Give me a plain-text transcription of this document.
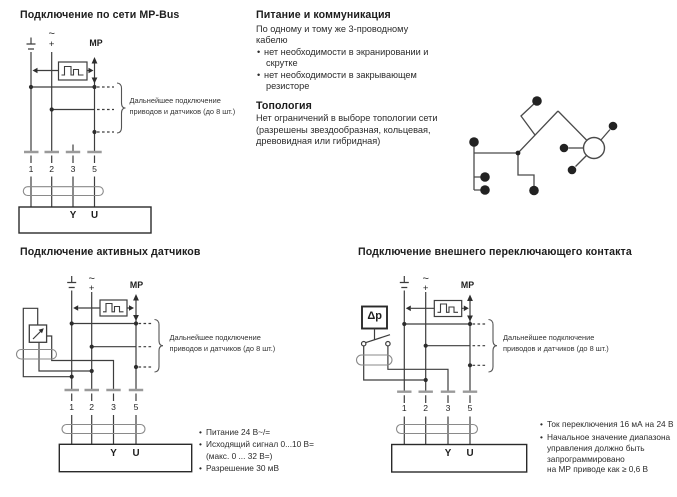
Подключение по сети MP-Bus
~
+	MP
1 2 3 5
Y U
Дальнейшее подключение
приводов и датчиков (до 8 шт.)
Питание и коммуникация
По одному и тому же 3-проводному
кабелю
• нет необходимости в экранировании и
скрутке
• нет необходимости в закрывающем
резисторе
Топология
Нет ограничений в выборе топологии сети
(разрешены звездообразная, кольцевая,
древовидная или гибридная)
Подключение активных датчиков
~
+	MP
1 2 3 5
Y U
Дальнейшее подключение
приводов и датчиков (до 8 шт.)
• Питание 24 В~/=
• Исходящий сигнал 0...10 В=
(макс. 0 ... 32 В=)
• Разрешение 30 мВ
Подключение внешнего переключающего контакта
Δp
~
+	MP
1 2 3 5
Y U
Дальнейшее подключение
приводов и датчиков (до 8 шт.)
• Ток переключения 16 мА на 24 В
• Начальное значение диапазона
управления должно быть
запрограммировано
на МР приводе как ≥ 0,6 В
